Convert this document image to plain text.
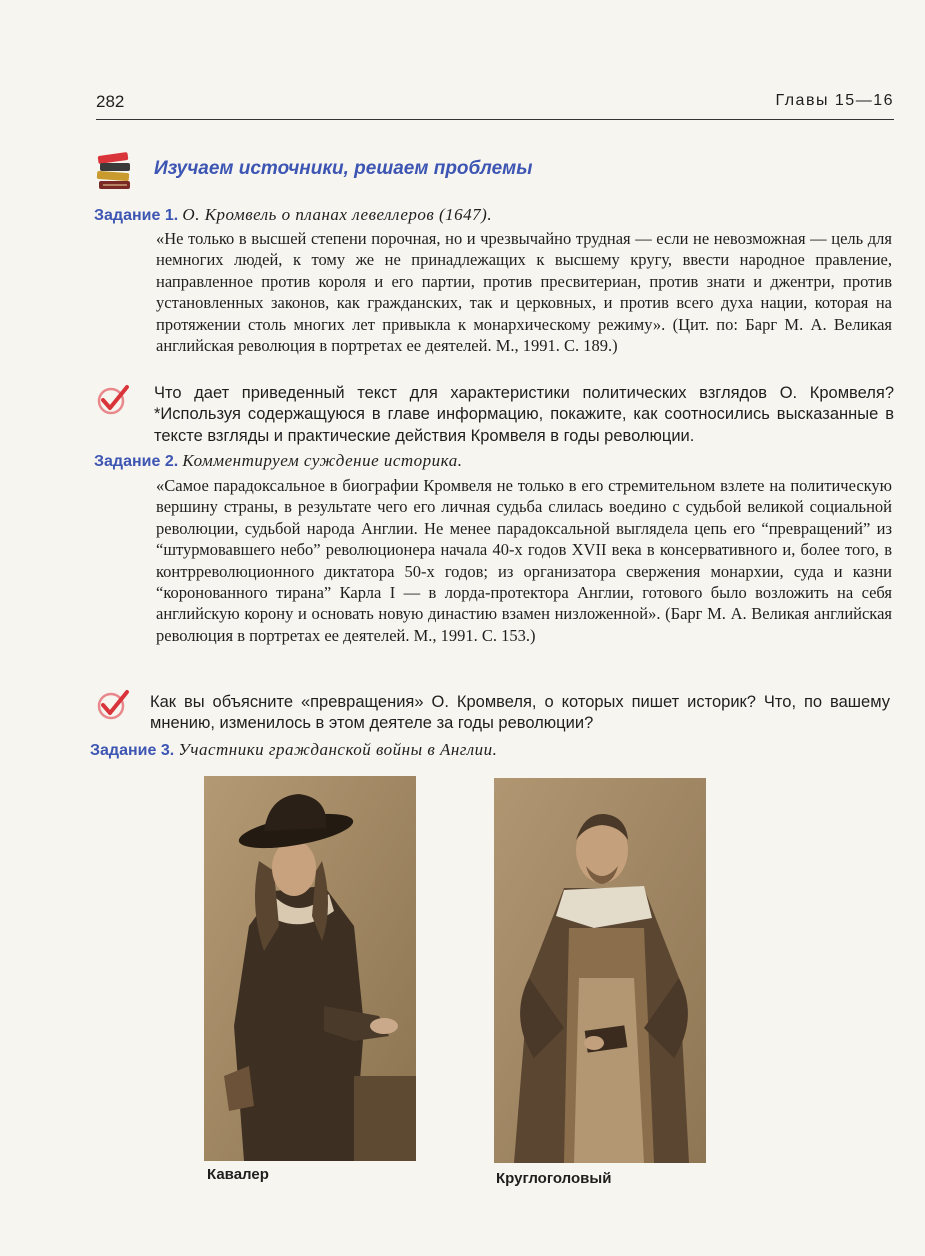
282	Главы 15—16
Изучаем источники, решаем проблемы
Задание 1. О. Кромвель о планах левеллеров (1647).
«Не только в высшей степени порочная, но и чрезвычайно трудная — если не невозможная — цель для немногих людей, к тому же не принадлежащих к высшему кругу, ввести народное правление, направленное против короля и его партии, против пресвитериан, против знати и джентри, против установленных законов, как гражданских, так и церковных, и против всего духа нации, которая на протяжении столь многих лет привыкла к монархическому режиму». (Цит. по: Барг М. А. Великая английская революция в портретах ее деятелей. М., 1991. С. 189.)
Что дает приведенный текст для характеристики политических взглядов О. Кромвеля? *Используя содержащуюся в главе информацию, покажите, как соотносились высказанные в тексте взгляды и практические действия Кромвеля в годы революции.
Задание 2. Комментируем суждение историка.
«Самое парадоксальное в биографии Кромвеля не только в его стремительном взлете на политическую вершину страны, в результате чего его личная судьба слилась воедино с судьбой великой социальной революции, судьбой народа Англии. Не менее парадоксальной выглядела цепь его “превращений” из “штурмовавшего небо” революционера начала 40-х годов XVII века в консервативного и, более того, в контрреволюционного диктатора 50-х годов; из организатора свержения монархии, суда и казни “коронованного тирана” Карла I — в лорда-протектора Англии, готового было возложить на себя английскую корону и основать новую династию взамен низложенной». (Барг М. А. Великая английская революция в портретах ее деятелей. М., 1991. С. 153.)
Как вы объясните «превращения» О. Кромвеля, о которых пишет историк? Что, по вашему мнению, изменилось в этом деятеле за годы революции?
Задание 3. Участники гражданской войны в Англии.
Кавалер	Круглоголовый
